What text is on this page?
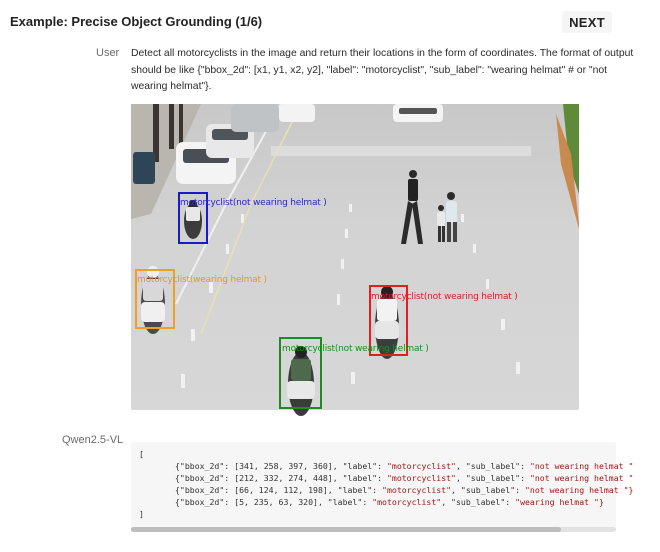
Example: Precise Object Grounding (1/6)	NEXT
User Detect all motorcyclists in the image and return their locations in the form of coordinates. The format of output should be like {"bbox_2d": [x1, y1, x2, y2], "label": "motorcyclist", "sub_label": "wearing helmat" # or "not wearing helmat"}.
motorcyclist(not wearing helmat )
motorcyclist(wearing helmat )
motorcyclist(not wearing helmat )
motorcyclist(not wearing helmat )
Qwen2.5-VL
[
{"bbox_2d": [341, 258, 397, 360], "label": "motorcyclist", "sub_label": "not wearing helmat "
{"bbox_2d": [212, 332, 274, 448], "label": "motorcyclist", "sub_label": "not wearing helmat "
{"bbox_2d": [66, 124, 112, 198], "label": "motorcyclist", "sub_label": "not wearing helmat "}
{"bbox_2d": [5, 235, 63, 320], "label": "motorcyclist", "sub_label": "wearing helmat "}
]
泡易号 | 差评XPIN
